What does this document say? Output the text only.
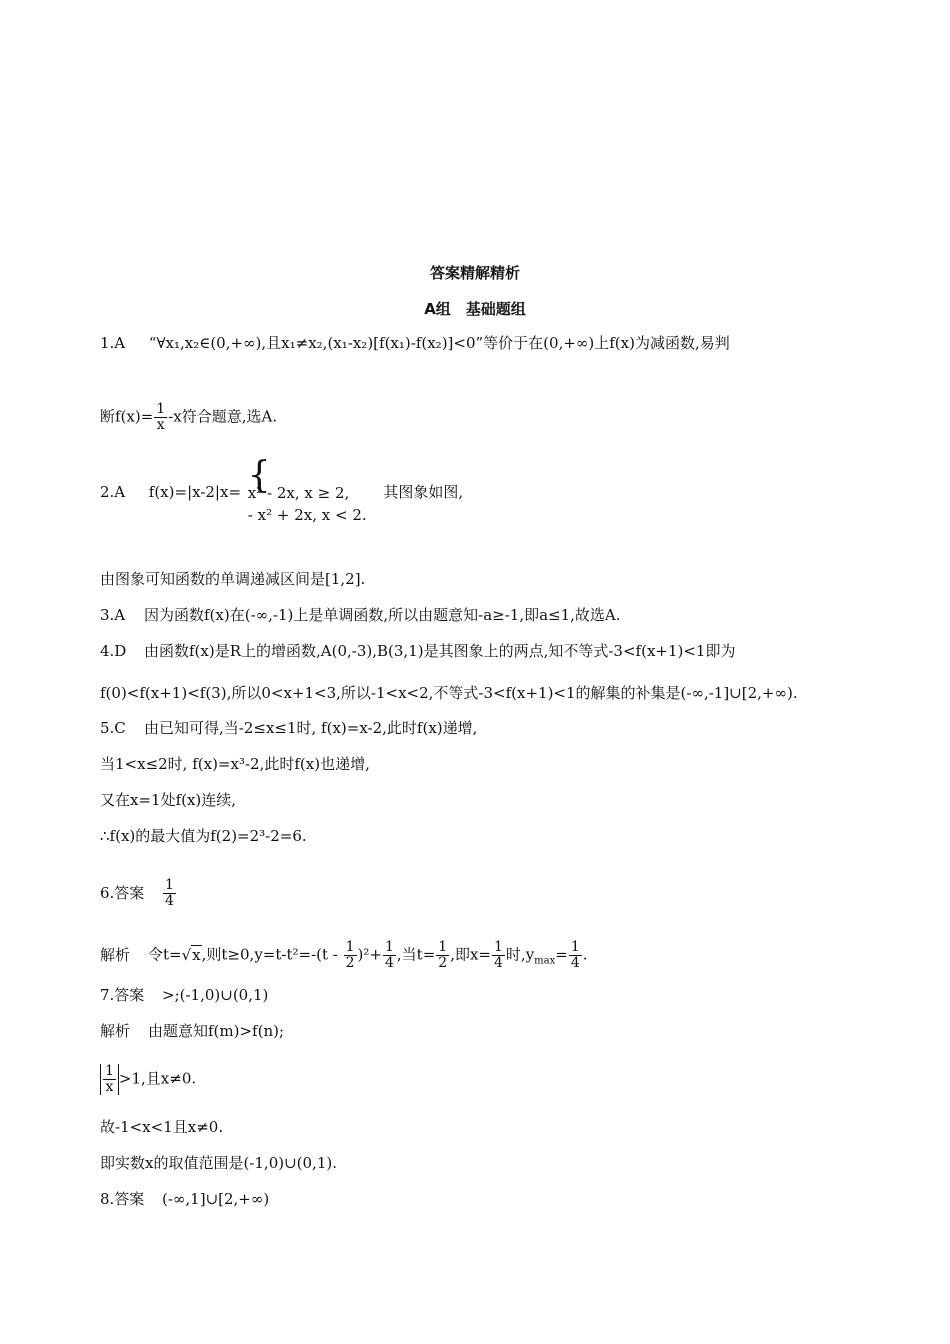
答案精解精析
A组　基础题组
1.A “∀x₁,x₂∈(0,+∞),且x₁≠x₂,(x₁-x₂)[f(x₁)-f(x₂)]<0”等价于在(0,+∞)上f(x)为减函数,易判
断$f(x)= \frac{1}{x} -x$符合题意,选A.
2.A f(x)=|x-2|x= {
x² - 2x, x ≥ 2,
- x² + 2x, x < 2.
其图象如图,
由图象可知函数的单调递减区间是[1,2].
3.A 因为函数f(x)在(-∞,-1)上是单调函数,所以由题意知-a≥-1,即a≤1,故选A.
4.D 由函数f(x)是R上的增函数,A(0,-3),B(3,1)是其图象上的两点,知不等式-3<f(x+1)<1即为
f(0)<f(x+1)<f(3),所以0<x+1<3,所以-1<x<2,不等式-3<f(x+1)<1的解集的补集是(-∞,-1]∪[2,+∞).
5.C 由已知可得,当-2≤x≤1时, f(x)=x-2,此时f(x)递增,
当1<x≤2时, f(x)=x³-2,此时f(x)也递增,
又在x=1处f(x)连续,
∴f(x)的最大值为f(2)=2³-2=6.
6.答案 $\frac{1}{4}$
解析 令t=√x,则$t\ge 0,y=t-t^2=-(t - \frac{1}{2} )^2+ \frac{1}{4}$ ,当$t= \frac{1}{2}$ ,即$x= \frac{1}{4}$ 时$,y_{max}= \frac{1}{4}$ .
7.答案 >;(-1,0)∪(0,1)
解析 由题意知f(m)>f(n);
$\frac{1}{x} >1$,且x≠0.
故-1<x<1且x≠0.
即实数x的取值范围是(-1,0)∪(0,1).
8.答案 (-∞,1]∪[2,+∞)
